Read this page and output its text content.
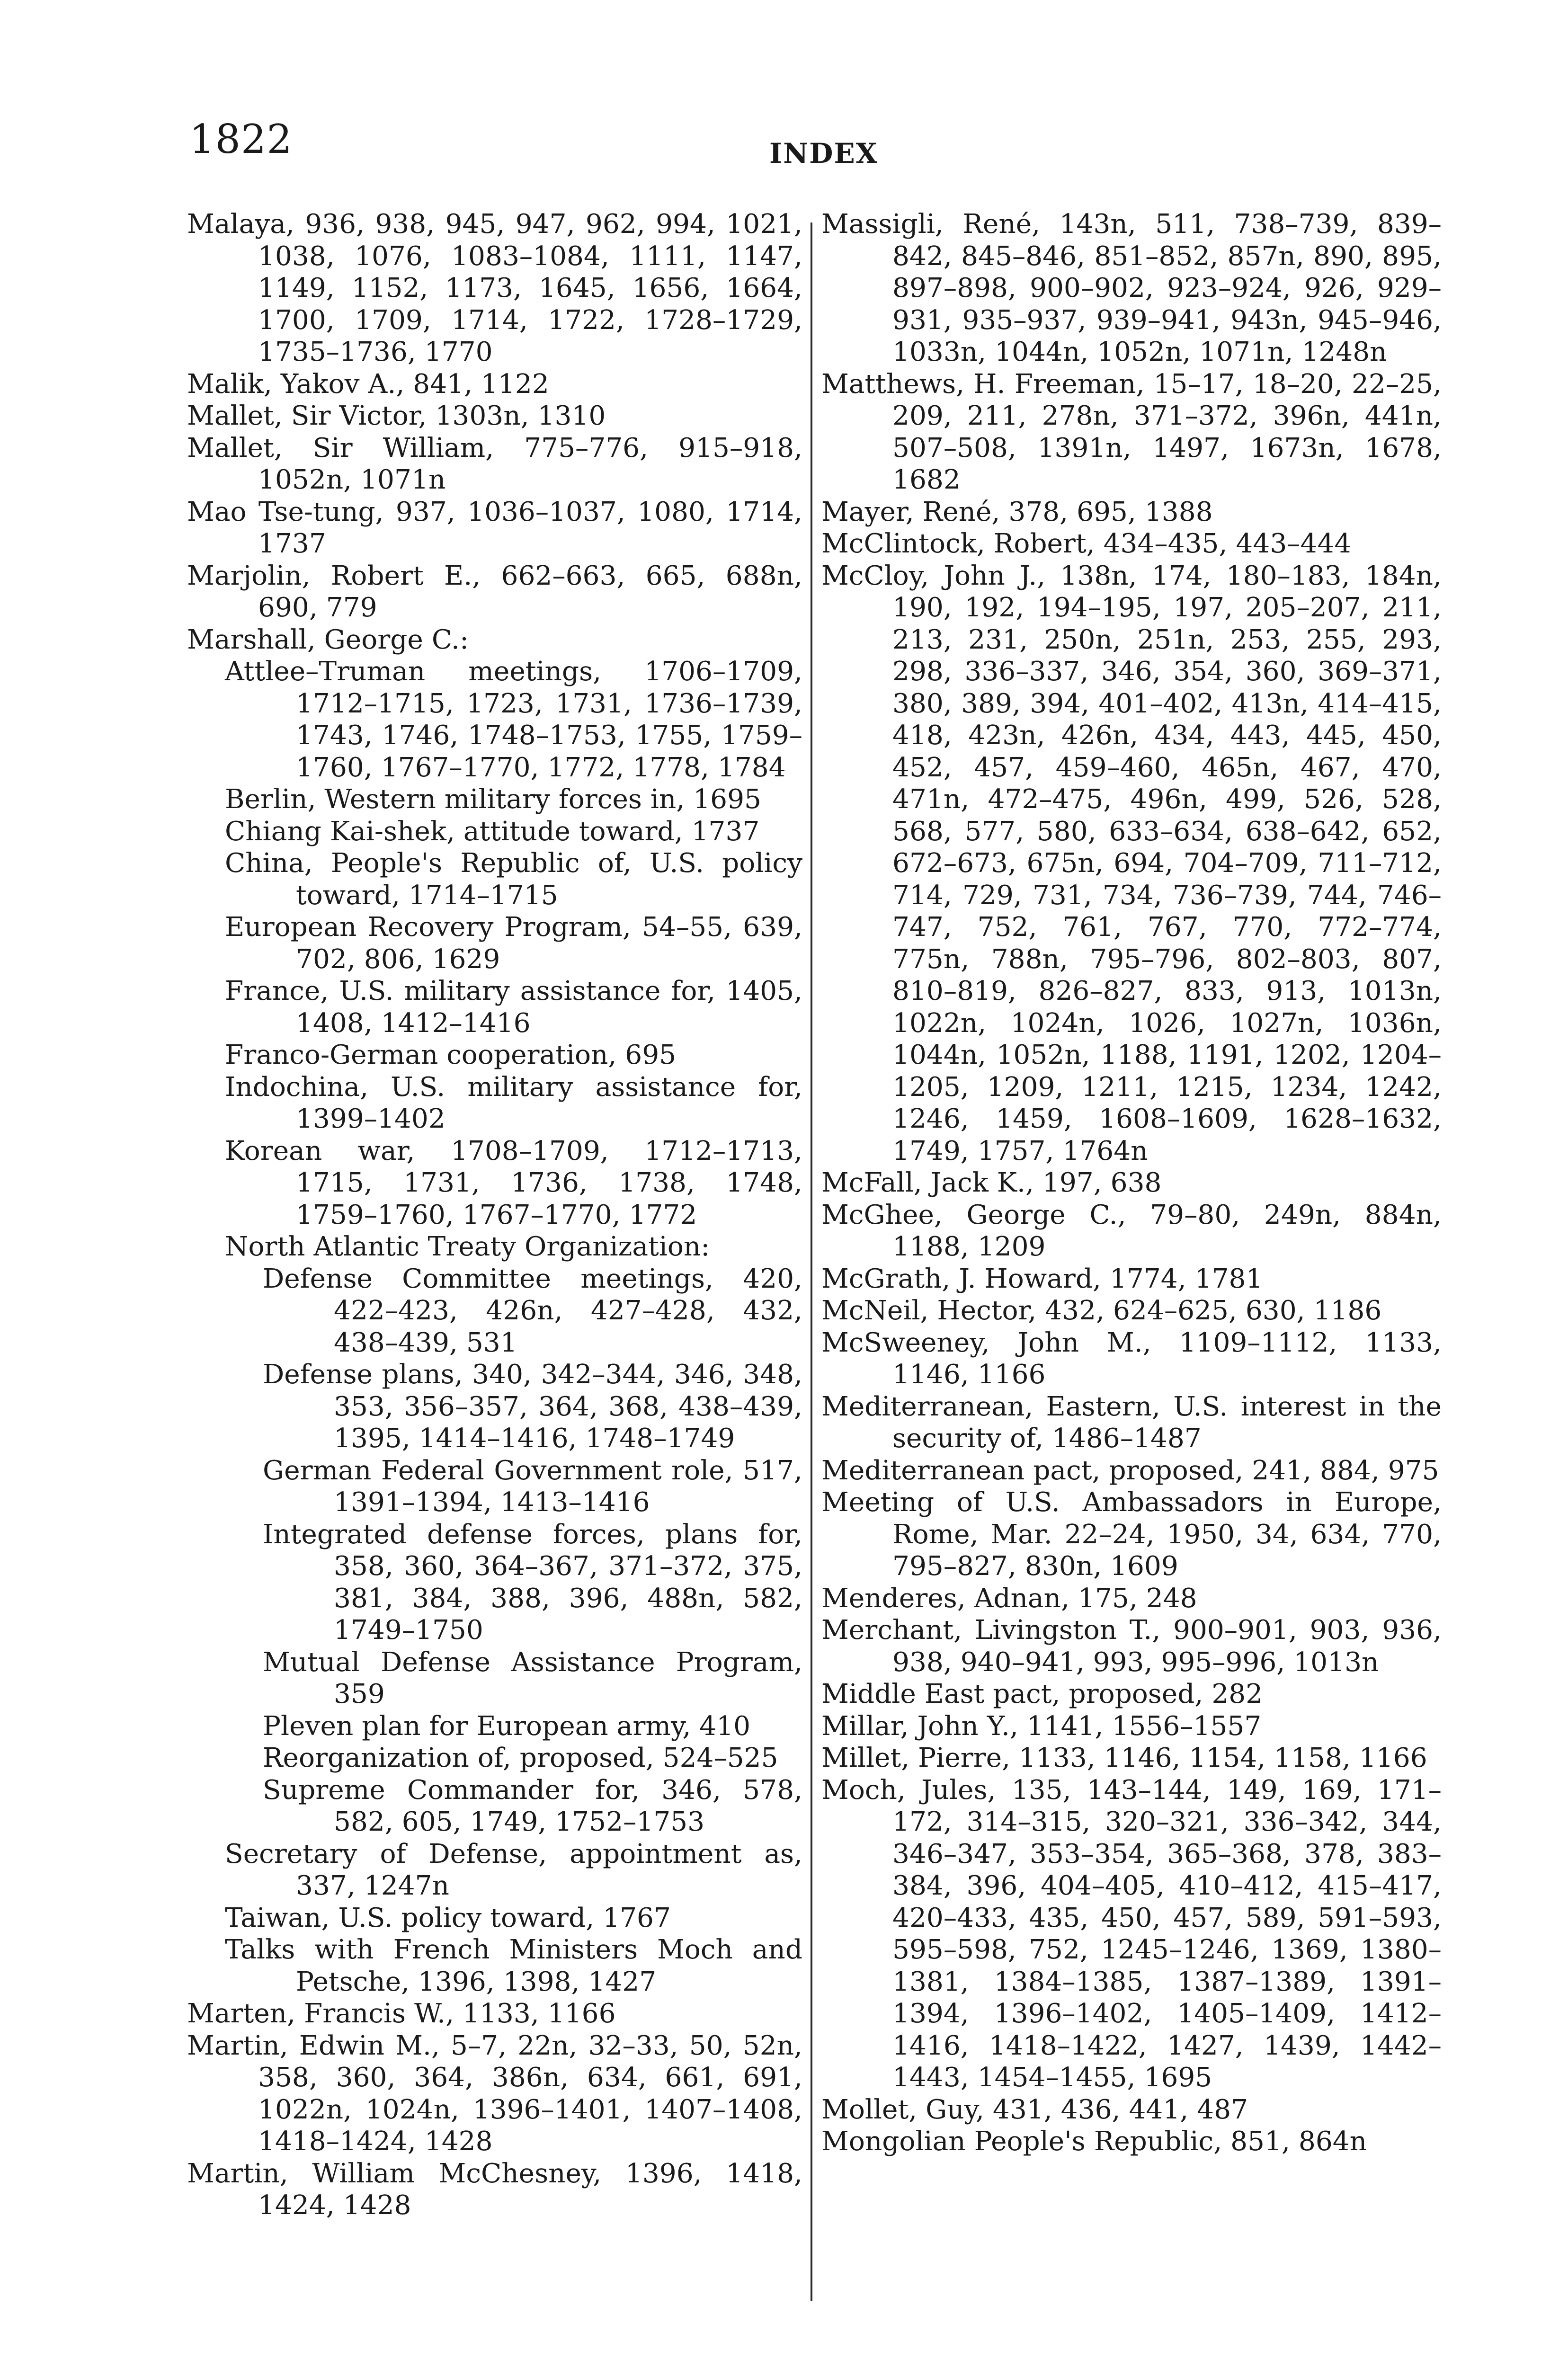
1822	INDEX
Malaya, 936, 938, 945, 947, 962, 994, 1021, 1038, 1076, 1083–1084, 1111, 1147, 1149, 1152, 1173, 1645, 1656, 1664, 1700, 1709, 1714, 1722, 1728–1729, 1735–1736, 1770
Malik, Yakov A., 841, 1122
Mallet, Sir Victor, 1303n, 1310
Mallet, Sir William, 775–776, 915–918, 1052n, 1071n
Mao Tse-tung, 937, 1036–1037, 1080, 1714, 1737
Marjolin, Robert E., 662–663, 665, 688n, 690, 779
Marshall, George C.:
Attlee–Truman meetings, 1706–1709, 1712–1715, 1723, 1731, 1736–1739, 1743, 1746, 1748–1753, 1755, 1759–1760, 1767–1770, 1772, 1778, 1784
Berlin, Western military forces in, 1695
Chiang Kai-shek, attitude toward, 1737
China, People's Republic of, U.S. policy toward, 1714–1715
European Recovery Program, 54–55, 639, 702, 806, 1629
France, U.S. military assistance for, 1405, 1408, 1412–1416
Franco-German cooperation, 695
Indochina, U.S. military assistance for, 1399–1402
Korean war, 1708–1709, 1712–1713, 1715, 1731, 1736, 1738, 1748, 1759–1760, 1767–1770, 1772
North Atlantic Treaty Organization:
Defense Committee meetings, 420, 422–423, 426n, 427–428, 432, 438–439, 531
Defense plans, 340, 342–344, 346, 348, 353, 356–357, 364, 368, 438–439, 1395, 1414–1416, 1748–1749
German Federal Government role, 517, 1391–1394, 1413–1416
Integrated defense forces, plans for, 358, 360, 364–367, 371–372, 375, 381, 384, 388, 396, 488n, 582, 1749–1750
Mutual Defense Assistance Program, 359
Pleven plan for European army, 410
Reorganization of, proposed, 524–525
Supreme Commander for, 346, 578, 582, 605, 1749, 1752–1753
Secretary of Defense, appointment as, 337, 1247n
Taiwan, U.S. policy toward, 1767
Talks with French Ministers Moch and Petsche, 1396, 1398, 1427
Marten, Francis W., 1133, 1166
Martin, Edwin M., 5–7, 22n, 32–33, 50, 52n, 358, 360, 364, 386n, 634, 661, 691, 1022n, 1024n, 1396–1401, 1407–1408, 1418–1424, 1428
Martin, William McChesney, 1396, 1418, 1424, 1428
Massigli, René, 143n, 511, 738–739, 839–842, 845–846, 851–852, 857n, 890, 895, 897–898, 900–902, 923–924, 926, 929–931, 935–937, 939–941, 943n, 945–946, 1033n, 1044n, 1052n, 1071n, 1248n
Matthews, H. Freeman, 15–17, 18–20, 22–25, 209, 211, 278n, 371–372, 396n, 441n, 507–508, 1391n, 1497, 1673n, 1678, 1682
Mayer, René, 378, 695, 1388
McClintock, Robert, 434–435, 443–444
McCloy, John J., 138n, 174, 180–183, 184n, 190, 192, 194–195, 197, 205–207, 211, 213, 231, 250n, 251n, 253, 255, 293, 298, 336–337, 346, 354, 360, 369–371, 380, 389, 394, 401–402, 413n, 414–415, 418, 423n, 426n, 434, 443, 445, 450, 452, 457, 459–460, 465n, 467, 470, 471n, 472–475, 496n, 499, 526, 528, 568, 577, 580, 633–634, 638–642, 652, 672–673, 675n, 694, 704–709, 711–712, 714, 729, 731, 734, 736–739, 744, 746–747, 752, 761, 767, 770, 772–774, 775n, 788n, 795–796, 802–803, 807, 810–819, 826–827, 833, 913, 1013n, 1022n, 1024n, 1026, 1027n, 1036n, 1044n, 1052n, 1188, 1191, 1202, 1204–1205, 1209, 1211, 1215, 1234, 1242, 1246, 1459, 1608–1609, 1628–1632, 1749, 1757, 1764n
McFall, Jack K., 197, 638
McGhee, George C., 79–80, 249n, 884n, 1188, 1209
McGrath, J. Howard, 1774, 1781
McNeil, Hector, 432, 624–625, 630, 1186
McSweeney, John M., 1109–1112, 1133, 1146, 1166
Mediterranean, Eastern, U.S. interest in the security of, 1486–1487
Mediterranean pact, proposed, 241, 884, 975
Meeting of U.S. Ambassadors in Europe, Rome, Mar. 22–24, 1950, 34, 634, 770, 795–827, 830n, 1609
Menderes, Adnan, 175, 248
Merchant, Livingston T., 900–901, 903, 936, 938, 940–941, 993, 995–996, 1013n
Middle East pact, proposed, 282
Millar, John Y., 1141, 1556–1557
Millet, Pierre, 1133, 1146, 1154, 1158, 1166
Moch, Jules, 135, 143–144, 149, 169, 171–172, 314–315, 320–321, 336–342, 344, 346–347, 353–354, 365–368, 378, 383–384, 396, 404–405, 410–412, 415–417, 420–433, 435, 450, 457, 589, 591–593, 595–598, 752, 1245–1246, 1369, 1380–1381, 1384–1385, 1387–1389, 1391–1394, 1396–1402, 1405–1409, 1412–1416, 1418–1422, 1427, 1439, 1442–1443, 1454–1455, 1695
Mollet, Guy, 431, 436, 441, 487
Mongolian People's Republic, 851, 864n
